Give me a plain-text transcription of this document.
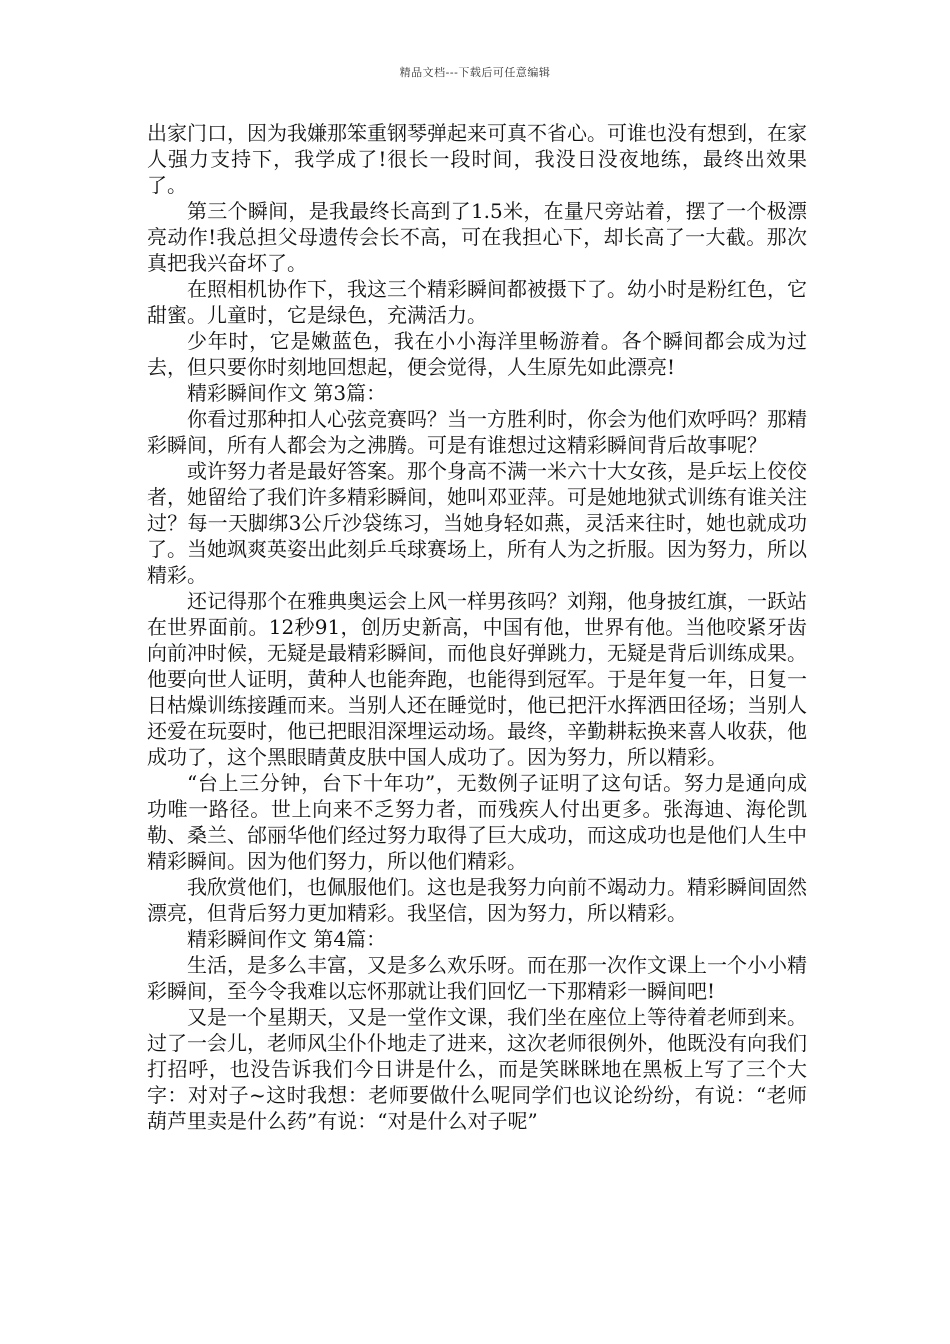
精品文档---下载后可任意编辑

出家门口，因为我嫌那笨重钢琴弹起来可真不省心。可谁也没有想到，在家人强力支持下，我学成了!很长一段时间，我没日没夜地练，最终出效果了。

第三个瞬间，是我最终长高到了1.5米，在量尺旁站着，摆了一个极漂亮动作!我总担父母遗传会长不高，可在我担心下，却长高了一大截。那次真把我兴奋坏了。

在照相机协作下，我这三个精彩瞬间都被摄下了。幼小时是粉红色，它甜蜜。儿童时，它是绿色，充满活力。

少年时，它是嫩蓝色，我在小小海洋里畅游着。各个瞬间都会成为过去，但只要你时刻地回想起，便会觉得，人生原先如此漂亮!

精彩瞬间作文 第3篇：

你看过那种扣人心弦竞赛吗？当一方胜利时，你会为他们欢呼吗？那精彩瞬间，所有人都会为之沸腾。可是有谁想过这精彩瞬间背后故事呢？

或许努力者是最好答案。那个身高不满一米六十大女孩，是乒坛上佼佼者，她留给了我们许多精彩瞬间，她叫邓亚萍。可是她地狱式训练有谁关注过？每一天脚绑3公斤沙袋练习，当她身轻如燕，灵活来往时，她也就成功了。当她飒爽英姿出此刻乒乓球赛场上，所有人为之折服。因为努力，所以精彩。

还记得那个在雅典奥运会上风一样男孩吗？刘翔，他身披红旗，一跃站在世界面前。12秒91，创历史新高，中国有他，世界有他。当他咬紧牙齿向前冲时候，无疑是最精彩瞬间，而他良好弹跳力，无疑是背后训练成果。他要向世人证明，黄种人也能奔跑，也能得到冠军。于是年复一年，日复一日枯燥训练接踵而来。当别人还在睡觉时，他已把汗水挥洒田径场；当别人还爱在玩耍时，他已把眼泪深埋运动场。最终，辛勤耕耘换来喜人收获，他成功了，这个黑眼睛黄皮肤中国人成功了。因为努力，所以精彩。

“台上三分钟，台下十年功”，无数例子证明了这句话。努力是通向成功唯一路径。世上向来不乏努力者，而残疾人付出更多。张海迪、海伦凯勒、桑兰、邰丽华他们经过努力取得了巨大成功，而这成功也是他们人生中精彩瞬间。因为他们努力，所以他们精彩。

我欣赏他们，也佩服他们。这也是我努力向前不竭动力。精彩瞬间固然漂亮，但背后努力更加精彩。我坚信，因为努力，所以精彩。

精彩瞬间作文 第4篇：

生活，是多么丰富，又是多么欢乐呀。而在那一次作文课上一个小小精彩瞬间，至今令我难以忘怀那就让我们回忆一下那精彩一瞬间吧!

又是一个星期天，又是一堂作文课，我们坐在座位上等待着老师到来。过了一会儿，老师风尘仆仆地走了进来，这次老师很例外，他既没有向我们打招呼，也没告诉我们今日讲是什么，而是笑眯眯地在黑板上写了三个大字：对对子~这时我想：老师要做什么呢同学们也议论纷纷，有说：“老师葫芦里卖是什么药”有说：“对是什么对子呢”
